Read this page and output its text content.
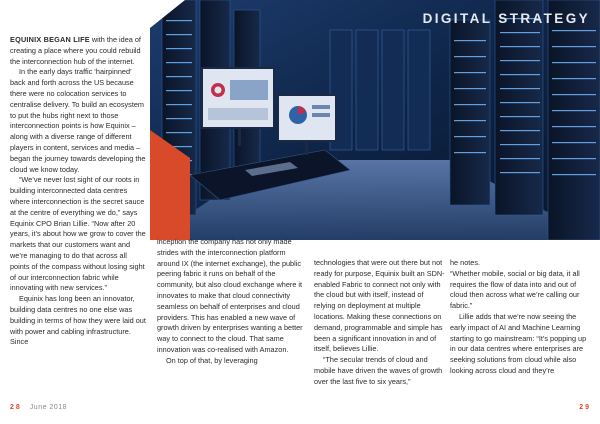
DIGITAL STRATEGY

EQUINIX BEGAN LIFE with the idea of creating a place where you could rebuild the interconnection hub of the internet.

In the early days traffic ‘hairpinned’ back and forth across the US because there were no colocation services to centralise delivery. To build an ecosystem to put the hubs right next to those interconnection points is how Equinix – along with a diverse range of different players in content, services and media – began the journey towards developing the cloud we know today.

“We’ve never lost sight of our roots in building interconnected data centres where interconnection is the secret sauce at the centre of everything we do,” says Equinix CPO Brian Lillie. “Now after 20 years, it’s about how we grow to cover the markets that our customers want and we’re managing to do that across all points of the compass without losing sight of our interconnection fabric while innovating with new services.”

Equinix has long been an innovator, building data centres no one else was building in terms of how they were laid out with power and cabling infrastructure. Since

inception the company has not only made strides with the interconnection platform around IX (the internet exchange), the public peering fabric it runs on behalf of the community, but also cloud exchange where it innovates to make that cloud connectivity seamless on behalf of enterprises and cloud providers. This has enabled a new wave of growth driven by enterprises wanting a better way to connect to the cloud. That same innovation was co-realised with Amazon.

On top of that, by leveraging

technologies that were out there but not ready for purpose, Equinix built an SDN-enabled Fabric to connect not only with the cloud but with itself, instead of relying on deployment at multiple locations. Making these connections on demand, programmable and simple has been a significant innovation in and of itself, believes Lillie.

“The secular trends of cloud and mobile have driven the waves of growth over the last five to six years,”

he notes.

“Whether mobile, social or big data, it all requires the flow of data into and out of cloud then across what we’re calling our fabric.”

Lillie adds that we’re now seeing the early impact of AI and Machine Learning starting to go mainstream: “It’s popping up in our data centres where enterprises are seeking solutions from cloud while also looking across cloud and they’re

28 June 2018	29
